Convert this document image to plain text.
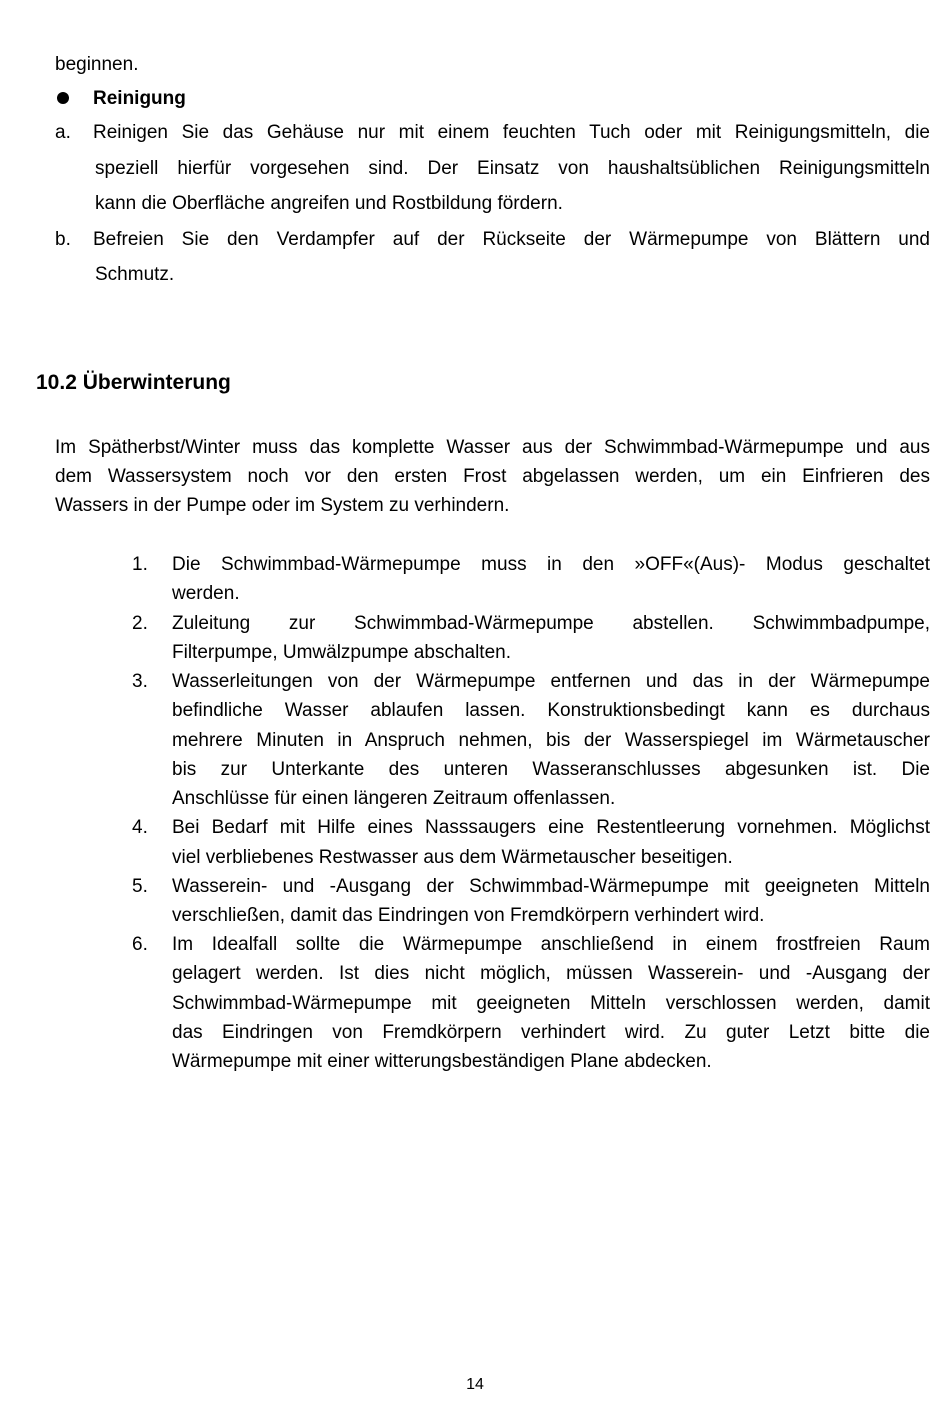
beginnen.
Reinigung
a. Reinigen Sie das Gehäuse nur mit einem feuchten Tuch oder mit Reinigungsmitteln, die
speziell hierfür vorgesehen sind. Der Einsatz von haushaltsüblichen Reinigungsmitteln
kann die Oberfläche angreifen und Rostbildung fördern.
b. Befreien Sie den Verdampfer auf der Rückseite der Wärmepumpe von Blättern und
Schmutz.
10.2 Überwinterung
Im Spätherbst/Winter muss das komplette Wasser aus der Schwimmbad-Wärmepumpe und aus
dem Wassersystem noch vor den ersten Frost abgelassen werden, um ein Einfrieren des
Wassers in der Pumpe oder im System zu verhindern.
1.	Die Schwimmbad-Wärmepumpe muss in den »OFF«(Aus)- Modus geschaltet
werden.
2.	Zuleitung zur Schwimmbad-Wärmepumpe abstellen. Schwimmbadpumpe,
Filterpumpe, Umwälzpumpe abschalten.
3.	Wasserleitungen von der Wärmepumpe entfernen und das in der Wärmepumpe
befindliche Wasser ablaufen lassen. Konstruktionsbedingt kann es durchaus
mehrere Minuten in Anspruch nehmen, bis der Wasserspiegel im Wärmetauscher
bis zur Unterkante des unteren Wasseranschlusses abgesunken ist. Die
Anschlüsse für einen längeren Zeitraum offenlassen.
4.	Bei Bedarf mit Hilfe eines Nasssaugers eine Restentleerung vornehmen. Möglichst
viel verbliebenes Restwasser aus dem Wärmetauscher beseitigen.
5.	Wasserein- und -Ausgang der Schwimmbad-Wärmepumpe mit geeigneten Mitteln
verschließen, damit das Eindringen von Fremdkörpern verhindert wird.
6.	Im Idealfall sollte die Wärmepumpe anschließend in einem frostfreien Raum
gelagert werden. Ist dies nicht möglich, müssen Wasserein- und -Ausgang der
Schwimmbad-Wärmepumpe mit geeigneten Mitteln verschlossen werden, damit
das Eindringen von Fremdkörpern verhindert wird. Zu guter Letzt bitte die
Wärmepumpe mit einer witterungsbeständigen Plane abdecken.
14
